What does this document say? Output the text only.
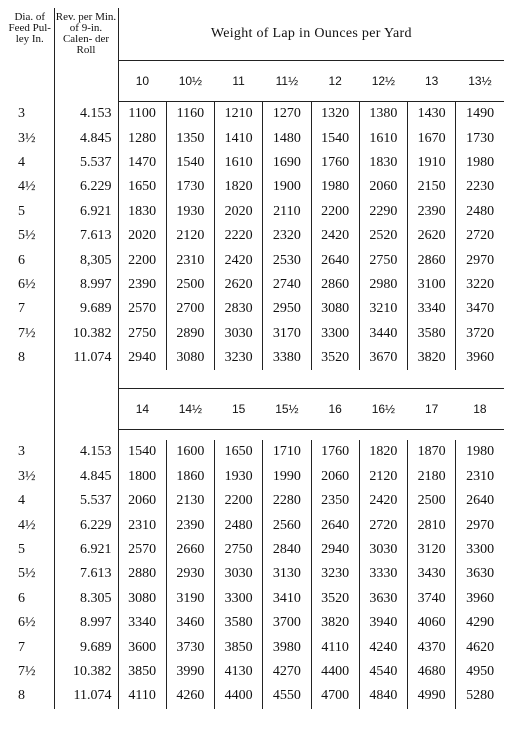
Dia. of Feed Pul- ley In.	Rev. per Min. of 9-in. Calen- der Roll	Weight of Lap in Ounces per Yard							
		10	10½	11	11½	12	12½	13	13½
3	4.153	1100	1160	1210	1270	1320	1380	1430	1490
3½	4.845	1280	1350	1410	1480	1540	1610	1670	1730
4	5.537	1470	1540	1610	1690	1760	1830	1910	1980
4½	6.229	1650	1730	1820	1900	1980	2060	2150	2230
5	6.921	1830	1930	2020	2110	2200	2290	2390	2480
5½	7.613	2020	2120	2220	2320	2420	2520	2620	2720
6	8,305	2200	2310	2420	2530	2640	2750	2860	2970
6½	8.997	2390	2500	2620	2740	2860	2980	3100	3220
7	9.689	2570	2700	2830	2950	3080	3210	3340	3470
7½	10.382	2750	2890	3030	3170	3300	3440	3580	3720
8	11.074	2940	3080	3230	3380	3520	3670	3820	3960

		14	14½	15	15½	16	16½	17	18

3	4.153	1540	1600	1650	1710	1760	1820	1870	1980
3½	4.845	1800	1860	1930	1990	2060	2120	2180	2310
4	5.537	2060	2130	2200	2280	2350	2420	2500	2640
4½	6.229	2310	2390	2480	2560	2640	2720	2810	2970
5	6.921	2570	2660	2750	2840	2940	3030	3120	3300
5½	7.613	2880	2930	3030	3130	3230	3330	3430	3630
6	8.305	3080	3190	3300	3410	3520	3630	3740	3960
6½	8.997	3340	3460	3580	3700	3820	3940	4060	4290
7	9.689	3600	3730	3850	3980	4110	4240	4370	4620
7½	10.382	3850	3990	4130	4270	4400	4540	4680	4950
8	11.074	4110	4260	4400	4550	4700	4840	4990	5280
